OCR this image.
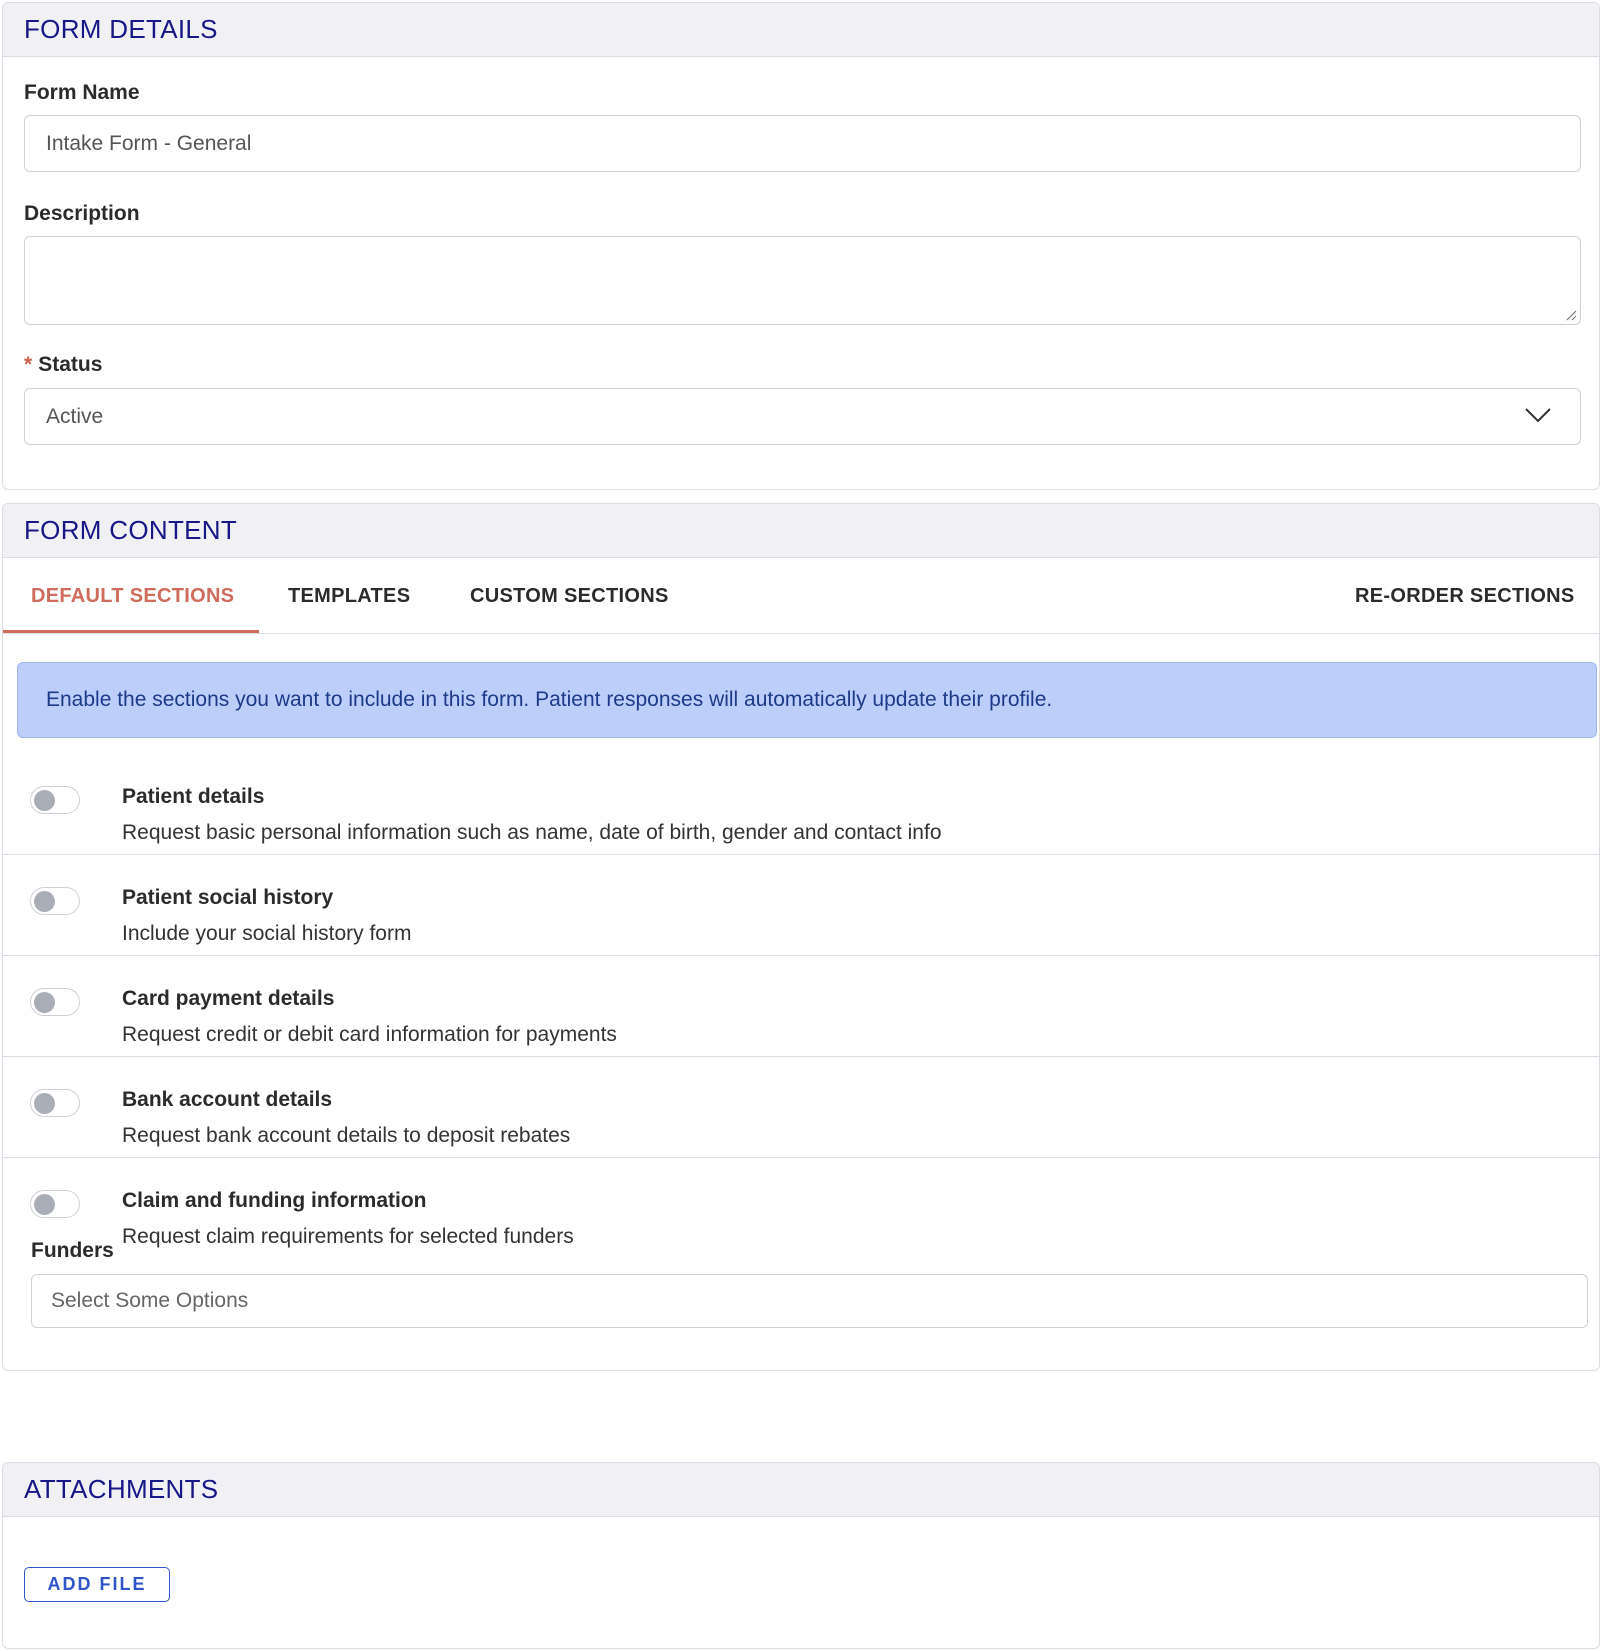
FORM DETAILS
Form Name
Intake Form - General
Description
* Status
Active
FORM CONTENT
DEFAULT SECTIONS	TEMPLATES	CUSTOM SECTIONS	RE-ORDER SECTIONS
Enable the sections you want to include in this form. Patient responses will automatically update their profile.
Patient details
Request basic personal information such as name, date of birth, gender and contact info
Patient social history
Include your social history form
Card payment details
Request credit or debit card information for payments
Bank account details
Request bank account details to deposit rebates
Claim and funding information
Request claim requirements for selected funders
Funders
Select Some Options
ATTACHMENTS
ADD FILE
